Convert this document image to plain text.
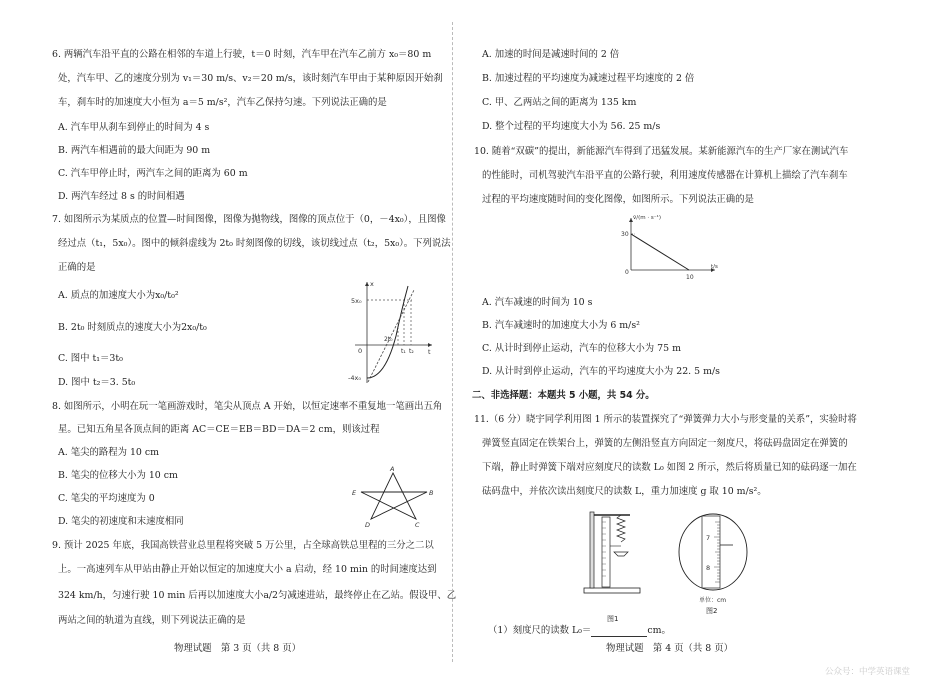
6. 两辆汽车沿平直的公路在相邻的车道上行驶，t＝0 时刻，汽车甲在汽车乙前方 x₀＝80 m
处，汽车甲、乙的速度分别为 v₁＝30 m/s、v₂＝20 m/s，该时刻汽车甲由于某种原因开始刹
车，刹车时的加速度大小恒为 a＝5 m/s²，汽车乙保持匀速。下列说法正确的是
A. 汽车甲从刹车到停止的时间为 4 s
B. 两汽车相遇前的最大间距为 90 m
C. 汽车甲停止时，两汽车之间的距离为 60 m
D. 两汽车经过 8 s 的时间相遇
7. 如图所示为某质点的位置—时间图像，图像为抛物线，图像的顶点位于（0，－4x₀），且图像
经过点（t₁，5x₀）。图中的倾斜虚线为 2t₀ 时刻图像的切线，该切线过点（t₂，5x₀）。下列说法
正确的是
A. 质点的加速度大小为x₀/t₀²
B. 2t₀ 时刻质点的速度大小为2x₀/t₀
C. 图中 t₁＝3t₀
D. 图中 t₂＝3. 5t₀
x
t
0
5x₀
-4x₀
2t₀
t₁ t₂
8. 如图所示，小明在玩一笔画游戏时，笔尖从顶点 A 开始，以恒定速率不重复地一笔画出五角
星。已知五角星各顶点间的距离 AC＝CE＝EB＝BD＝DA＝2 cm，则该过程
A. 笔尖的路程为 10 cm
B. 笔尖的位移大小为 10 cm
C. 笔尖的平均速度为 0
D. 笔尖的初速度和末速度相同
A
B
C
D
E
9. 预计 2025 年底，我国高铁营业总里程将突破 5 万公里，占全球高铁总里程的三分之二以
上。一高速列车从甲站由静止开始以恒定的加速度大小 a 启动，经 10 min 的时间速度达到
324 km/h，匀速行驶 10 min 后再以加速度大小a/2匀减速进站，最终停止在乙站。假设甲、乙
两站之间的轨道为直线，则下列说法正确的是
物理试题　第 3 页（共 8 页）
A. 加速的时间是减速时间的 2 倍
B. 加速过程的平均速度为减速过程平均速度的 2 倍
C. 甲、乙两站之间的距离为 135 km
D. 整个过程的平均速度大小为 56. 25 m/s
10. 随着“双碳”的提出，新能源汽车得到了迅猛发展。某新能源汽车的生产厂家在测试汽车
的性能时，司机驾驶汽车沿平直的公路行驶，利用速度传感器在计算机上描绘了汽车刹车
过程的平均速度随时间的变化图像，如图所示。下列说法正确的是
v̄/(m · s⁻¹)
t/s
30
10
0
A. 汽车减速的时间为 10 s
B. 汽车减速时的加速度大小为 6 m/s²
C. 从计时到停止运动，汽车的位移大小为 75 m
D. 从计时到停止运动，汽车的平均速度大小为 22. 5 m/s
二、非选择题：本题共 5 小题，共 54 分。
11.（6 分）晓宇同学利用图 1 所示的装置探究了“弹簧弹力大小与形变量的关系”，实验时将
弹簧竖直固定在铁架台上，弹簧的左侧沿竖直方向固定一刻度尺，将砝码盘固定在弹簧的
下端，静止时弹簧下端对应刻度尺的读数 L₀ 如图 2 所示，然后将质量已知的砝码逐一加在
砝码盘中，并依次读出刻度尺的读数 L，重力加速度 g 取 10 m/s²。
图1
7
8
单位：cm
图2
（1）刻度尺的读数 L₀＝	cm。
物理试题　第 4 页（共 8 页）
公众号：中学英语课堂
